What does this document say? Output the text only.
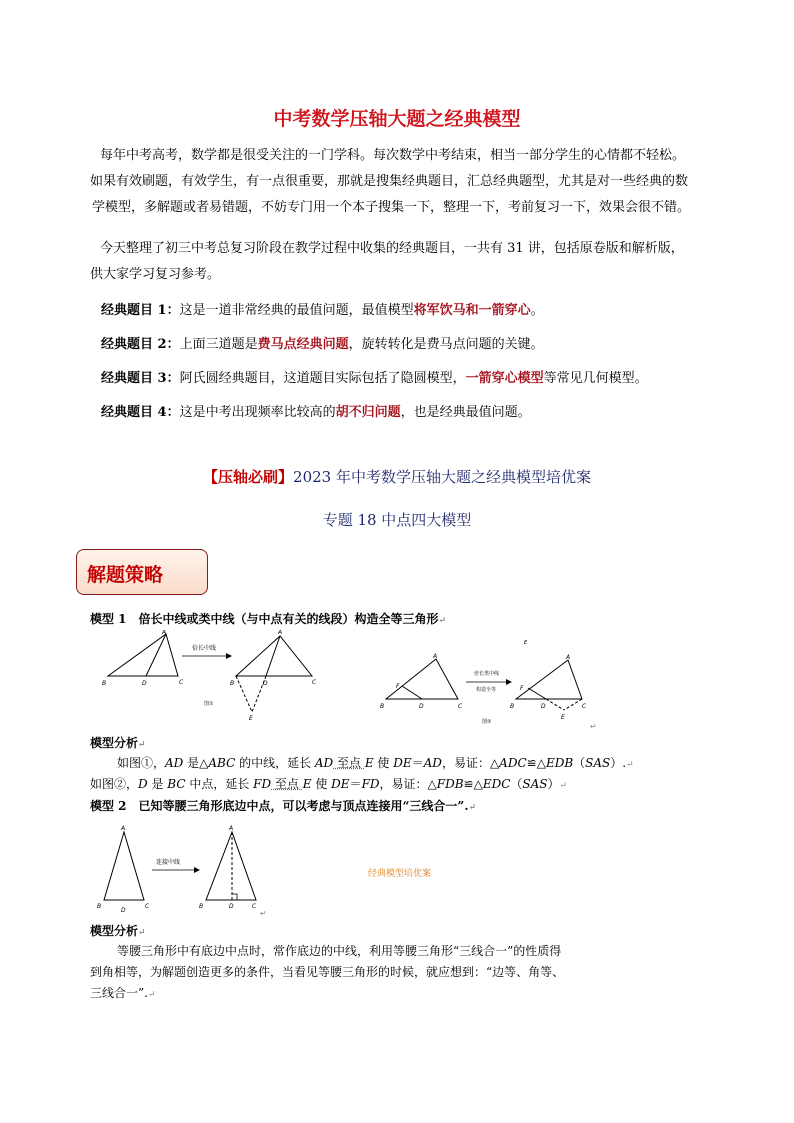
中考数学压轴大题之经典模型

每年中考高考，数学都是很受关注的一门学科。每次数学中考结束，相当一部分学生的心情都不轻松。

如果有效刷题，有效学生，有一点很重要，那就是搜集经典题目，汇总经典题型，尤其是对一些经典的数

学模型，多解题或者易错题，不妨专门用一个本子搜集一下，整理一下，考前复习一下，效果会很不错。

今天整理了初三中考总复习阶段在教学过程中收集的经典题目，一共有 31 讲，包括原卷版和解析版，

供大家学习复习参考。

经典题目 1：这是一道非常经典的最值问题，最值模型将军饮马和一箭穿心。

经典题目 2：上面三道题是费马点经典问题，旋转转化是费马点问题的关键。

经典题目 3：阿氏圆经典题目，这道题目实际包括了隐圆模型，一箭穿心模型等常见几何模型。

经典题目 4：这是中考出现频率比较高的胡不归问题，也是经典最值问题。

【压轴必刷】2023 年中考数学压轴大题之经典模型培优案
专题 18 中点四大模型
解题策略
模型 1　倍长中线或类中线（与中点有关的线段）构造全等三角形↵
倍长中线
A
B	D	C
A
B	D	C
E
图①
倍长类中线
构造全等
E
A
F
B	D	C
A
F
B	D	C
E
图②	↵
模型分析↵
如图①，AD 是△ABC 的中线，延长 AD 至点 E 使 DE＝AD，易证：△ADC≌△EDB（SAS）.↵
如图②，D 是 BC 中点，延长 FD 至点 E 使 DE＝FD，易证：△FDB≌△EDC（SAS）↵
模型 2　已知等腰三角形底边中点，可以考虑与顶点连接用“三线合一”.↵
连接中线
A
B
D
C
A
B	D	C
↵
经典模型培优案
模型分析↵
等腰三角形中有底边中点时，常作底边的中线，利用等腰三角形“三线合一”的性质得
到角相等，为解题创造更多的条件，当看见等腰三角形的时候，就应想到：“边等、角等、
三线合一”.↵
